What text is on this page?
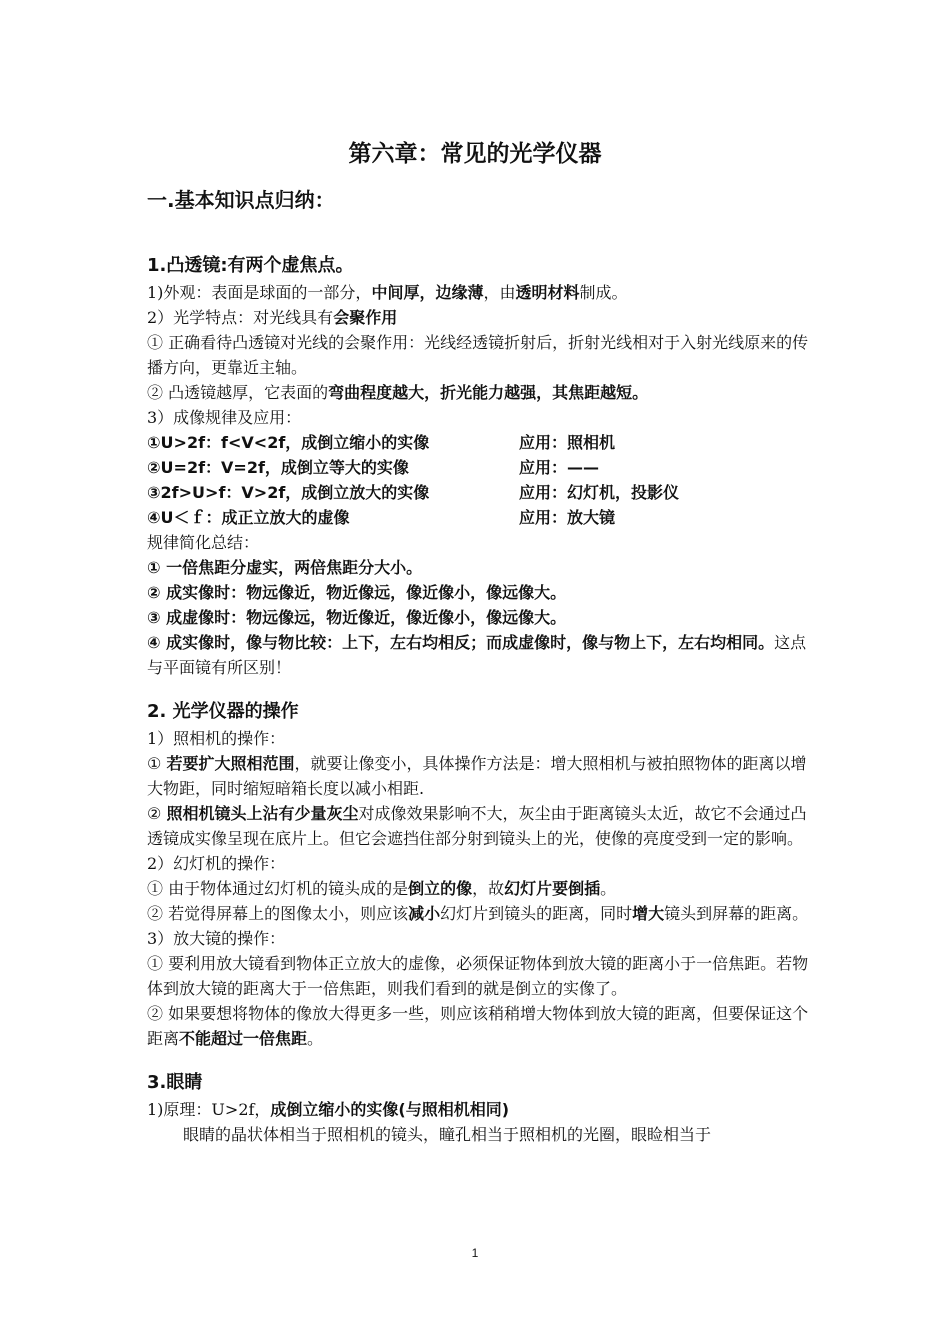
第六章：常见的光学仪器

一.基本知识点归纳：

1.凸透镜:有两个虚焦点。

1)外观：表面是球面的一部分，中间厚，边缘薄，由透明材料制成。

2）光学特点：对光线具有会聚作用

① 正确看待凸透镜对光线的会聚作用：光线经透镜折射后，折射光线相对于入射光线原来的传播方向，更靠近主轴。

② 凸透镜越厚，它表面的弯曲程度越大，折光能力越强，其焦距越短。

3）成像规律及应用：

①U>2f：f<V<2f，成倒立缩小的实像	应用：照相机
②U=2f：V=2f，成倒立等大的实像	应用：——
③2f>U>f：V>2f，成倒立放大的实像	应用：幻灯机，投影仪
④U＜ｆ：成正立放大的虚像	应用：放大镜

规律简化总结：

① 一倍焦距分虚实，两倍焦距分大小。

② 成实像时：物远像近，物近像远，像近像小，像远像大。

③ 成虚像时：物远像远，物近像近，像近像小，像远像大。

④ 成实像时，像与物比较：上下，左右均相反；而成虚像时，像与物上下，左右均相同。这点与平面镜有所区别！

2. 光学仪器的操作

1）照相机的操作：

① 若要扩大照相范围，就要让像变小，具体操作方法是：增大照相机与被拍照物体的距离以增大物距，同时缩短暗箱长度以减小相距.

② 照相机镜头上沾有少量灰尘对成像效果影响不大，灰尘由于距离镜头太近，故它不会通过凸透镜成实像呈现在底片上。但它会遮挡住部分射到镜头上的光，使像的亮度受到一定的影响。

2）幻灯机的操作：

① 由于物体通过幻灯机的镜头成的是倒立的像，故幻灯片要倒插。

② 若觉得屏幕上的图像太小，则应该减小幻灯片到镜头的距离，同时增大镜头到屏幕的距离。

3）放大镜的操作：

① 要利用放大镜看到物体正立放大的虚像，必须保证物体到放大镜的距离小于一倍焦距。若物体到放大镜的距离大于一倍焦距，则我们看到的就是倒立的实像了。

② 如果要想将物体的像放大得更多一些，则应该稍稍增大物体到放大镜的距离，但要保证这个距离不能超过一倍焦距。

3.眼睛

1)原理：U>2f，成倒立缩小的实像(与照相机相同)

眼睛的晶状体相当于照相机的镜头，瞳孔相当于照相机的光圈，眼睑相当于

1
